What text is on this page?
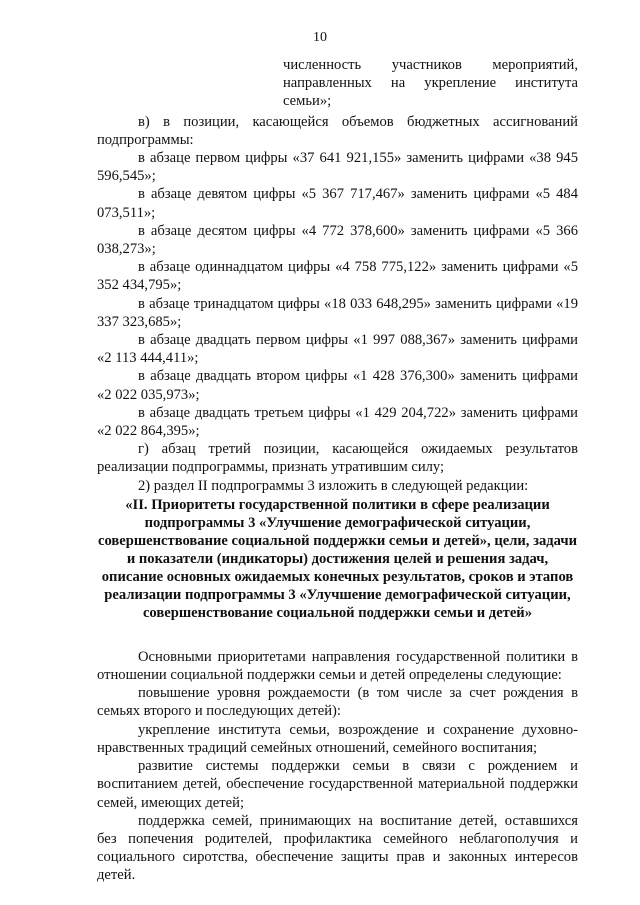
10
численность участников мероприятий, направленных на укрепление института
семьи»;

в) в позиции, касающейся объемов бюджетных ассигнований подпрограммы:

в абзаце первом цифры «37 641 921,155» заменить цифрами «38 945 596,545»;

в абзаце девятом цифры «5 367 717,467» заменить цифрами «5 484 073,511»;

в абзаце десятом цифры «4 772 378,600» заменить цифрами «5 366 038,273»;

в абзаце одиннадцатом цифры «4 758 775,122» заменить цифрами «5 352 434,795»;

в абзаце тринадцатом цифры «18 033 648,295» заменить цифрами «19 337 323,685»;

в абзаце двадцать первом цифры «1 997 088,367» заменить цифрами «2 113 444,411»;

в абзаце двадцать втором цифры «1 428 376,300» заменить цифрами «2 022 035,973»;

в абзаце двадцать третьем цифры «1 429 204,722» заменить цифрами «2 022 864,395»;

г) абзац третий позиции, касающейся ожидаемых результатов реализации подпрограммы, признать утратившим силу;

2) раздел II подпрограммы 3 изложить в следующей редакции:

«II. Приоритеты государственной политики в сфере реализации подпрограммы 3 «Улучшение демографической ситуации, совершенствование социальной поддержки семьи и детей», цели, задачи и показатели (индикаторы) достижения целей и решения задач, описание основных ожидаемых конечных результатов, сроков и этапов реализации подпрограммы 3 «Улучшение демографической ситуации, совершенствование социальной поддержки семьи и детей»

Основными приоритетами направления государственной политики в отношении социальной поддержки семьи и детей определены следующие:

повышение уровня рождаемости (в том числе за счет рождения в семьях второго и последующих детей):

укрепление института семьи, возрождение и сохранение духовно-нравственных традиций семейных отношений, семейного воспитания;

развитие системы поддержки семьи в связи с рождением и воспитанием детей, обеспечение государственной материальной поддержки семей, имеющих детей;

поддержка семей, принимающих на воспитание детей, оставшихся без попечения родителей, профилактика семейного неблагополучия и социального сиротства, обеспечение защиты прав и законных интересов детей.
